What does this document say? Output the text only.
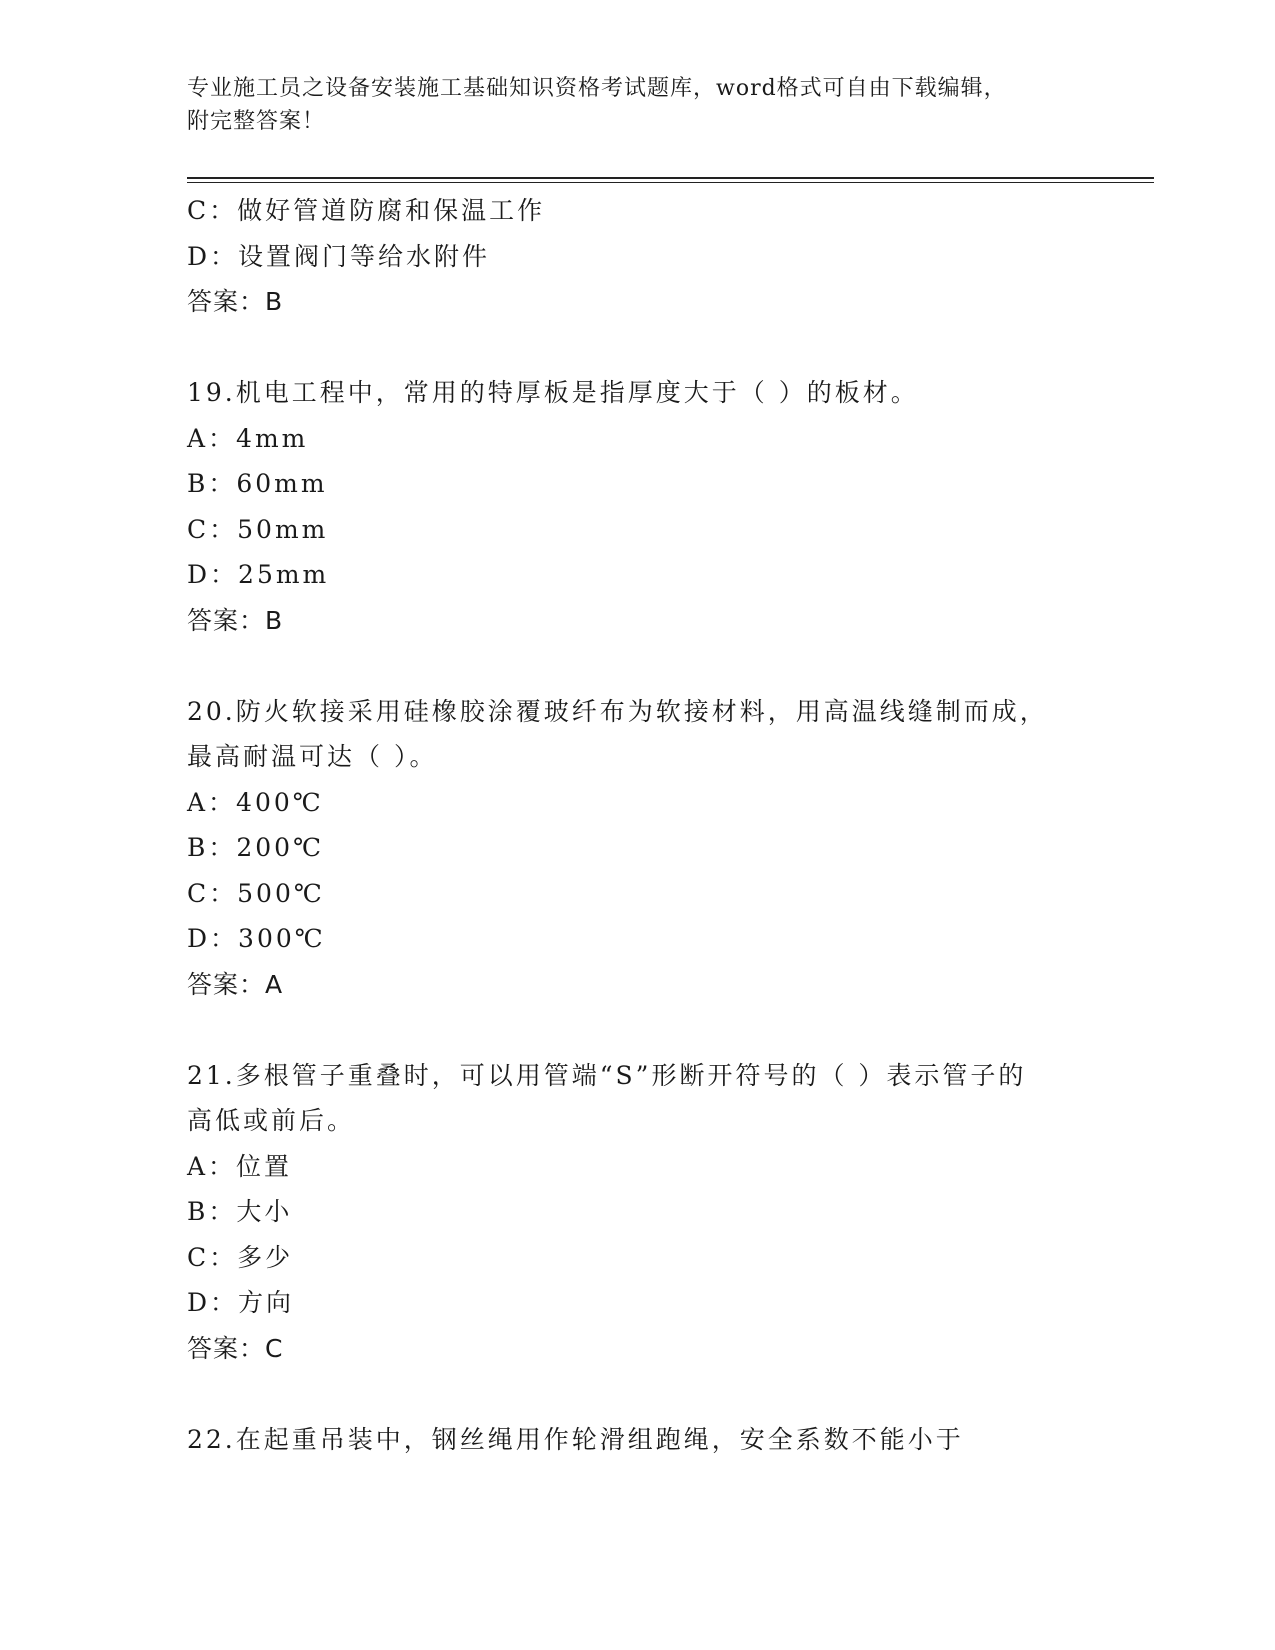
专业施工员之设备安装施工基础知识资格考试题库，word格式可自由下载编辑，
附完整答案！
C：做好管道防腐和保温工作
D：设置阀门等给水附件
答案：B
19.机电工程中，常用的特厚板是指厚度大于（ ）的板材。
A：4mm
B：60mm
C：50mm
D：25mm
答案：B
20.防火软接采用硅橡胶涂覆玻纤布为软接材料，用高温线缝制而成，
最高耐温可达（ ）。
A：400℃
B：200℃
C：500℃
D：300℃
答案：A
21.多根管子重叠时，可以用管端“S”形断开符号的（ ）表示管子的
高低或前后。
A：位置
B：大小
C：多少
D：方向
答案：C
22.在起重吊装中，钢丝绳用作轮滑组跑绳，安全系数不能小于
